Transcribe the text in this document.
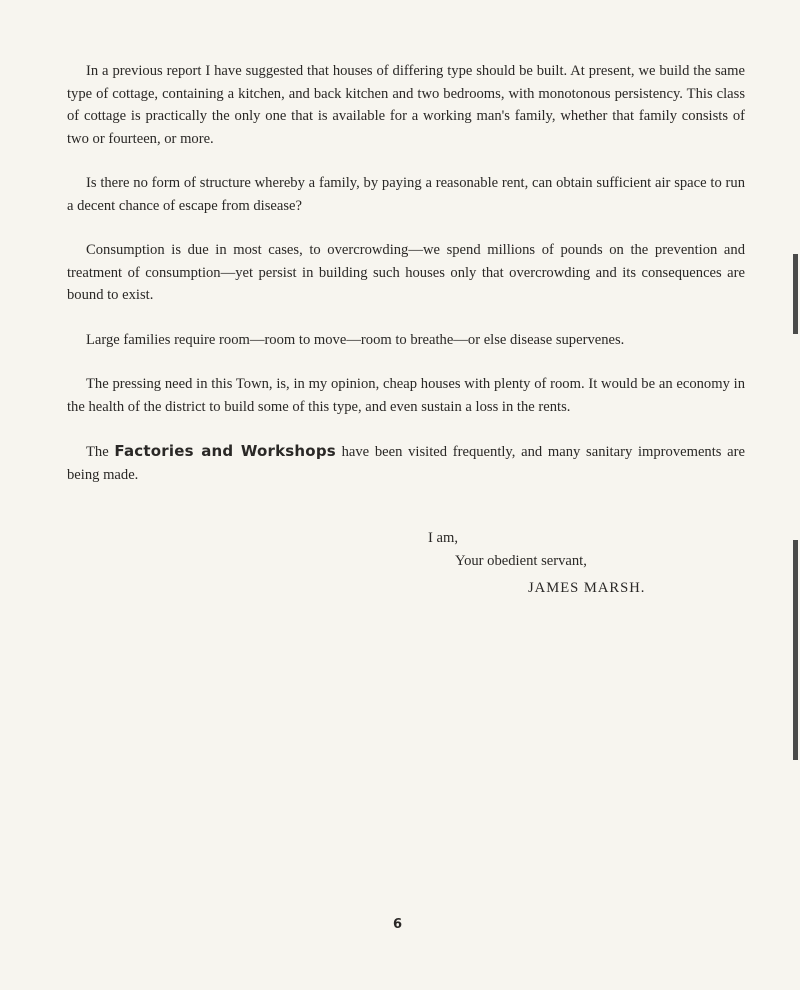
In a previous report I have suggested that houses of differing type should be built. At present, we build the same type of cottage, containing a kitchen, and back kitchen and two bedrooms, with monotonous persistency. This class of cottage is practically the only one that is available for a working man's family, whether that family consists of two or fourteen, or more.

Is there no form of structure whereby a family, by paying a reasonable rent, can obtain sufficient air space to run a decent chance of escape from disease?

Consumption is due in most cases, to overcrowding—we spend millions of pounds on the prevention and treatment of consumption—yet persist in building such houses only that overcrowding and its consequences are bound to exist.

Large families require room—room to move—room to breathe—or else disease supervenes.

The pressing need in this Town, is, in my opinion, cheap houses with plenty of room. It would be an economy in the health of the district to build some of this type, and even sustain a loss in the rents.

The Factories and Workshops have been visited frequently, and many sanitary improvements are being made.

I am,
Your obedient servant,
JAMES MARSH.
6
